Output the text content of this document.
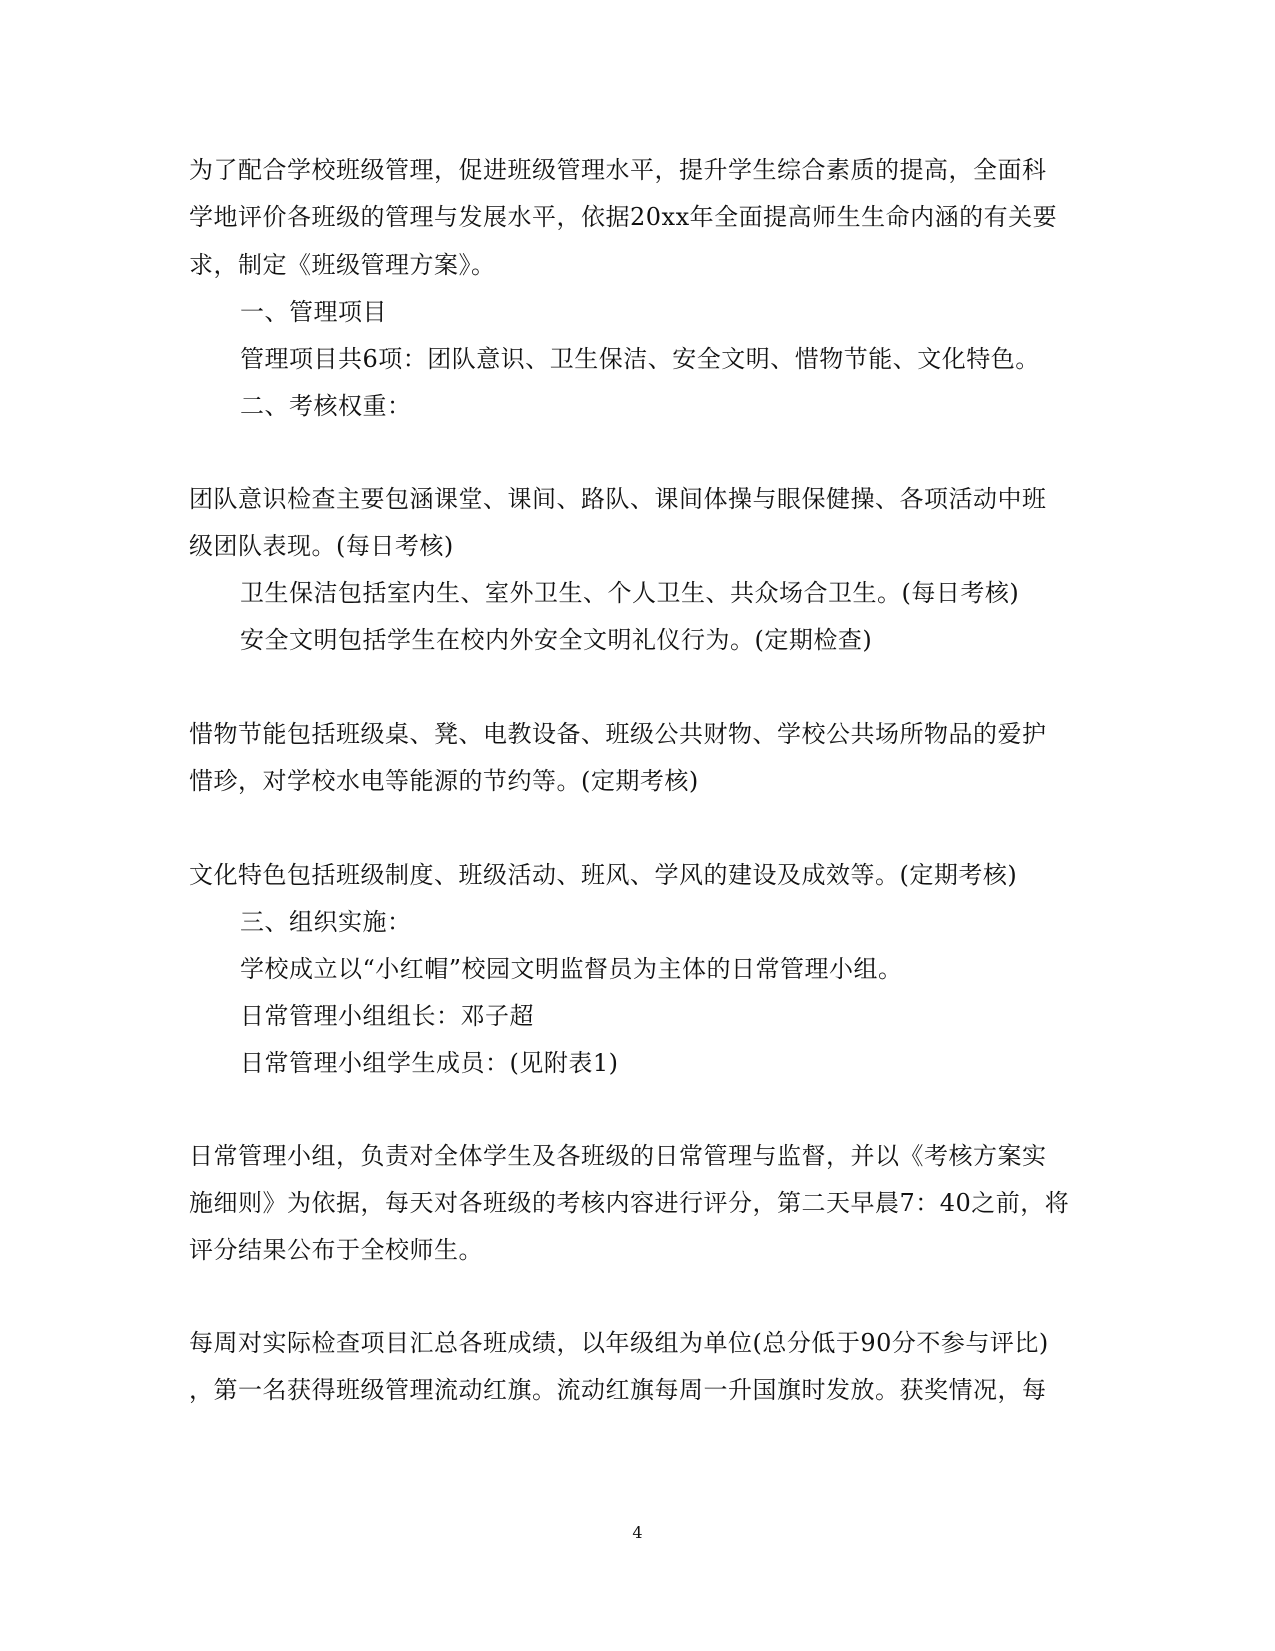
为了配合学校班级管理，促进班级管理水平，提升学生综合素质的提高，全面科
学地评价各班级的管理与发展水平，依据20xx年全面提高师生生命内涵的有关要
求，制定《班级管理方案》。
一、管理项目
管理项目共6项：团队意识、卫生保洁、安全文明、惜物节能、文化特色。
二、考核权重：
团队意识检查主要包涵课堂、课间、路队、课间体操与眼保健操、各项活动中班
级团队表现。(每日考核)
卫生保洁包括室内生、室外卫生、个人卫生、共众场合卫生。(每日考核)
安全文明包括学生在校内外安全文明礼仪行为。(定期检查)
惜物节能包括班级桌、凳、电教设备、班级公共财物、学校公共场所物品的爱护
惜珍，对学校水电等能源的节约等。(定期考核)
文化特色包括班级制度、班级活动、班风、学风的建设及成效等。(定期考核)
三、组织实施：
学校成立以“小红帽”校园文明监督员为主体的日常管理小组。
日常管理小组组长：邓子超
日常管理小组学生成员：(见附表1)
日常管理小组，负责对全体学生及各班级的日常管理与监督，并以《考核方案实
施细则》为依据，每天对各班级的考核内容进行评分，第二天早晨7：40之前，将
评分结果公布于全校师生。
每周对实际检查项目汇总各班成绩，以年级组为单位(总分低于90分不参与评比)
，第一名获得班级管理流动红旗。流动红旗每周一升国旗时发放。获奖情况，每
4
